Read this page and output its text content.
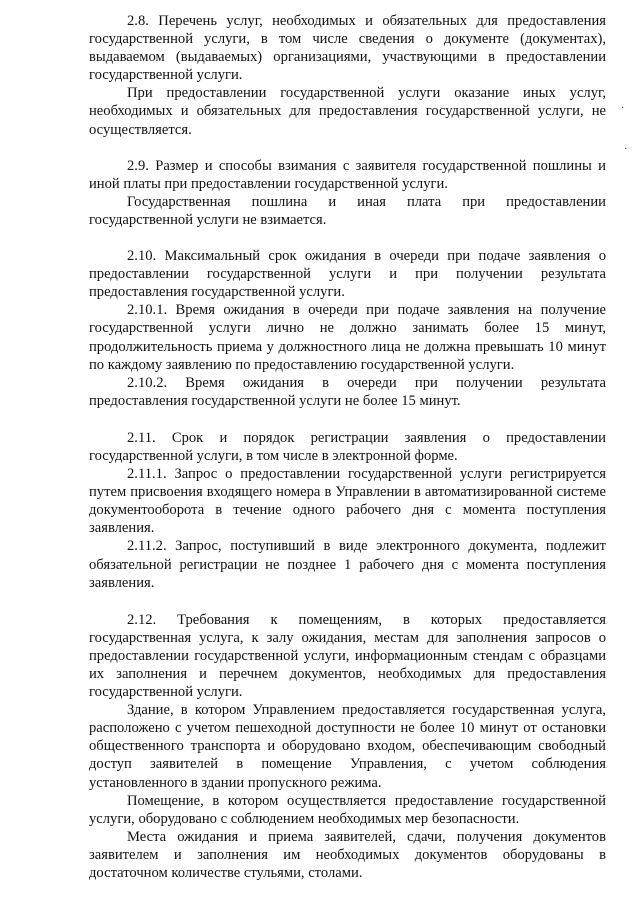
2.8. Перечень услуг, необходимых и обязательных для предоставления государственной услуги, в том числе сведения о документе (документах), выдаваемом (выдаваемых) организациями, участвующими в предоставлении государственной услуги.

При предоставлении государственной услуги оказание иных услуг, необходимых и обязательных для предоставления государственной услуги, не осуществляется.

2.9. Размер и способы взимания с заявителя государственной пошлины и иной платы при предоставлении государственной услуги.

Государственная пошлина и иная плата при предоставлении государственной услуги не взимается.

2.10. Максимальный срок ожидания в очереди при подаче заявления о предоставлении государственной услуги и при получении результата предоставления государственной услуги.

2.10.1. Время ожидания в очереди при подаче заявления на получение государственной услуги лично не должно занимать более 15 минут, продолжительность приема у должностного лица не должна превышать 10 минут по каждому заявлению по предоставлению государственной услуги.

2.10.2. Время ожидания в очереди при получении результата предоставления государственной услуги не более 15 минут.

2.11. Срок и порядок регистрации заявления о предоставлении государственной услуги, в том числе в электронной форме.

2.11.1. Запрос о предоставлении государственной услуги регистрируется путем присвоения входящего номера в Управлении в автоматизированной системе документооборота в течение одного рабочего дня с момента поступления заявления.

2.11.2. Запрос, поступивший в виде электронного документа, подлежит обязательной регистрации не позднее 1 рабочего дня с момента поступления заявления.

2.12. Требования к помещениям, в которых предоставляется государственная услуга, к залу ожидания, местам для заполнения запросов о предоставлении государственной услуги, информационным стендам с образцами их заполнения и перечнем документов, необходимых для предоставления государственной услуги.

Здание, в котором Управлением предоставляется государственная услуга, расположено с учетом пешеходной доступности не более 10 минут от остановки общественного транспорта и оборудовано входом, обеспечивающим свободный доступ заявителей в помещение Управления, с учетом соблюдения установленного в здании пропускного режима.

Помещение, в котором осуществляется предоставление государственной услуги, оборудовано с соблюдением необходимых мер безопасности.

Места ожидания и приема заявителей, сдачи, получения документов заявителем и заполнения им необходимых документов оборудованы в достаточном количестве стульями, столами.

·
·
